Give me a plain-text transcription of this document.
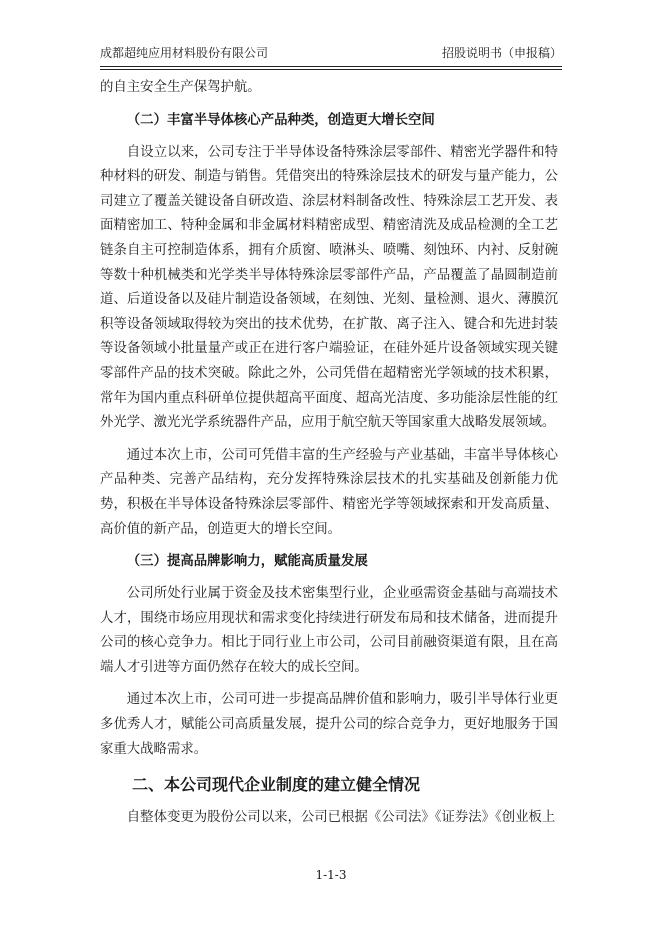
成都超纯应用材料股份有限公司	招股说明书（申报稿）

的自主安全生产保驾护航。

（二）丰富半导体核心产品种类，创造更大增长空间

自设立以来，公司专注于半导体设备特殊涂层零部件、精密光学器件和特种材料的研发、制造与销售。凭借突出的特殊涂层技术的研发与量产能力，公司建立了覆盖关键设备自研改造、涂层材料制备改性、特殊涂层工艺开发、表面精密加工、特种金属和非金属材料精密成型、精密清洗及成品检测的全工艺链条自主可控制造体系，拥有介质窗、喷淋头、喷嘴、刻蚀环、内衬、反射碗等数十种机械类和光学类半导体特殊涂层零部件产品，产品覆盖了晶圆制造前道、后道设备以及硅片制造设备领域，在刻蚀、光刻、量检测、退火、薄膜沉积等设备领域取得较为突出的技术优势，在扩散、离子注入、键合和先进封装等设备领域小批量量产或正在进行客户端验证，在硅外延片设备领域实现关键零部件产品的技术突破。除此之外，公司凭借在超精密光学领域的技术积累，常年为国内重点科研单位提供超高平面度、超高光洁度、多功能涂层性能的红外光学、激光光学系统器件产品，应用于航空航天等国家重大战略发展领域。

通过本次上市，公司可凭借丰富的生产经验与产业基础，丰富半导体核心产品种类、完善产品结构，充分发挥特殊涂层技术的扎实基础及创新能力优势，积极在半导体设备特殊涂层零部件、精密光学等领域探索和开发高质量、高价值的新产品，创造更大的增长空间。

（三）提高品牌影响力，赋能高质量发展

公司所处行业属于资金及技术密集型行业，企业亟需资金基础与高端技术人才，围绕市场应用现状和需求变化持续进行研发布局和技术储备，进而提升公司的核心竞争力。相比于同行业上市公司，公司目前融资渠道有限，且在高端人才引进等方面仍然存在较大的成长空间。

通过本次上市，公司可进一步提高品牌价值和影响力，吸引半导体行业更多优秀人才，赋能公司高质量发展，提升公司的综合竞争力，更好地服务于国家重大战略需求。

二、本公司现代企业制度的建立健全情况

自整体变更为股份公司以来，公司已根据《公司法》《证券法》《创业板上

1-1-3
